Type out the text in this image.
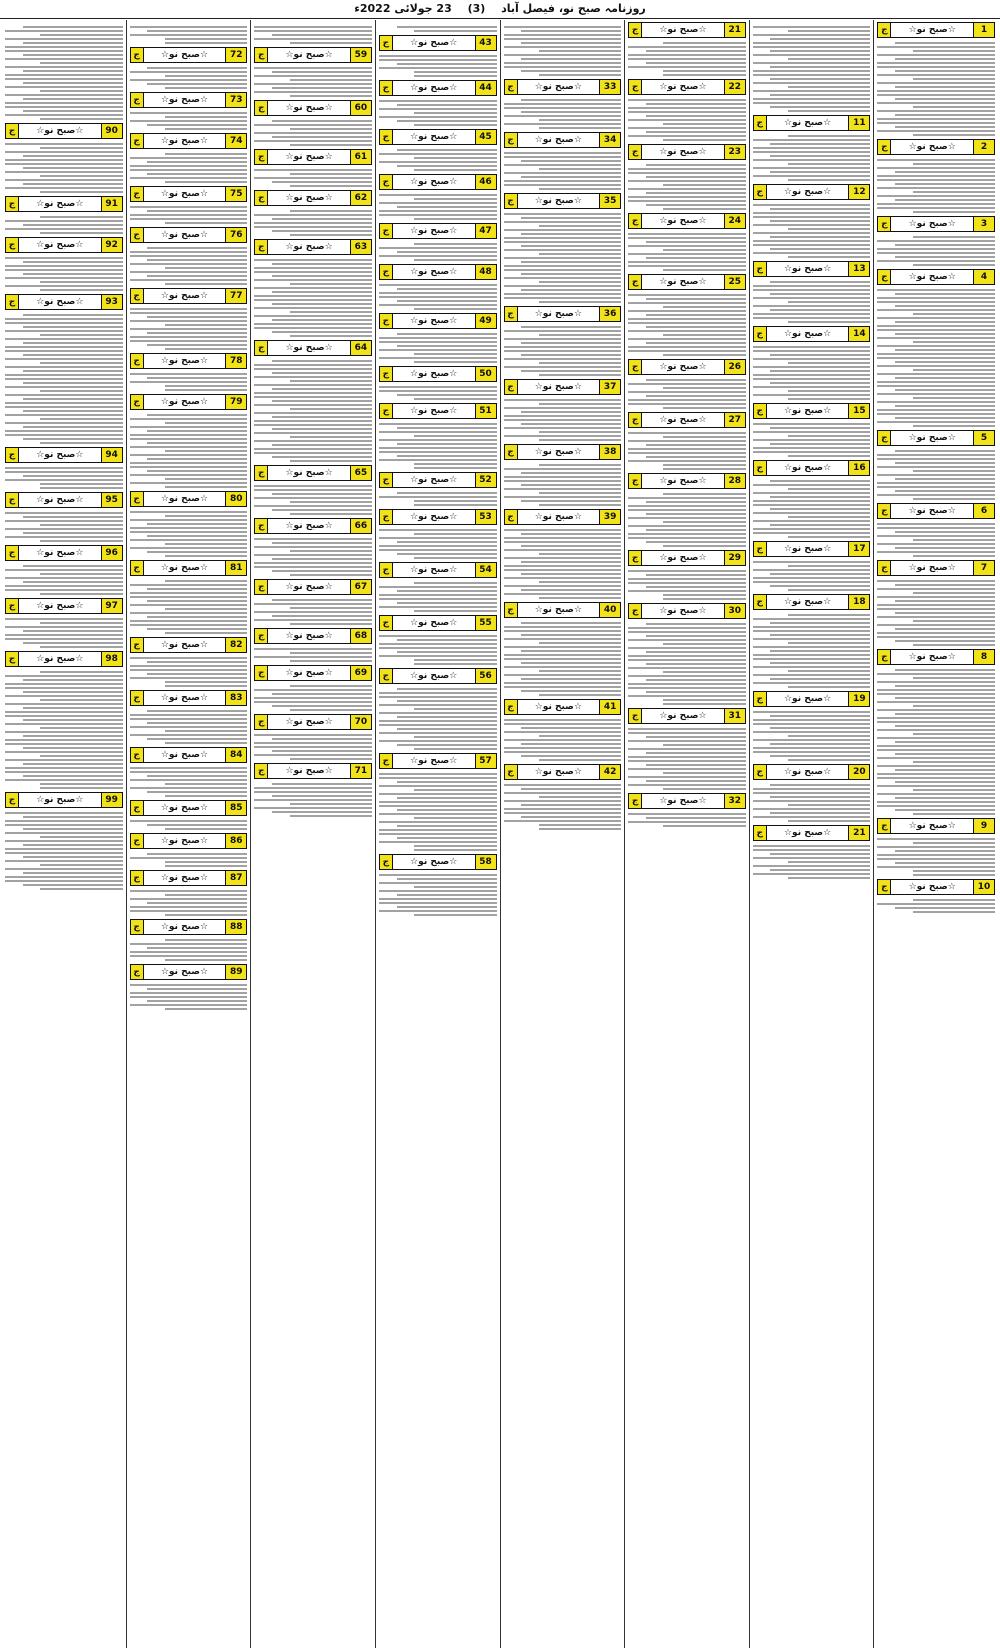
روزنامہ صبح نو، فیصل آباد (3) 23 جولائی 2022ء
1
☆صبح نو☆
ج
2
☆صبح نو☆
ج
3
☆صبح نو☆
ج
4
☆صبح نو☆
ج
5
☆صبح نو☆
ج
6
☆صبح نو☆
ج
7
☆صبح نو☆
ج
8
☆صبح نو☆
ج
9
☆صبح نو☆
ج
10
☆صبح نو☆
ج
11
☆صبح نو☆
ج
12
☆صبح نو☆
ج
13
☆صبح نو☆
ج
14
☆صبح نو☆
ج
15
☆صبح نو☆
ج
16
☆صبح نو☆
ج
17
☆صبح نو☆
ج
18
☆صبح نو☆
ج
19
☆صبح نو☆
ج
20
☆صبح نو☆
ج
21
☆صبح نو☆
ج
21
☆صبح نو☆
ج
22
☆صبح نو☆
ج
23
☆صبح نو☆
ج
24
☆صبح نو☆
ج
25
☆صبح نو☆
ج
26
☆صبح نو☆
ج
27
☆صبح نو☆
ج
28
☆صبح نو☆
ج
29
☆صبح نو☆
ج
30
☆صبح نو☆
ج
31
☆صبح نو☆
ج
32
☆صبح نو☆
ج
33
☆صبح نو☆
ج
34
☆صبح نو☆
ج
35
☆صبح نو☆
ج
36
☆صبح نو☆
ج
37
☆صبح نو☆
ج
38
☆صبح نو☆
ج
39
☆صبح نو☆
ج
40
☆صبح نو☆
ج
41
☆صبح نو☆
ج
42
☆صبح نو☆
ج
43
☆صبح نو☆
ج
44
☆صبح نو☆
ج
45
☆صبح نو☆
ج
46
☆صبح نو☆
ج
47
☆صبح نو☆
ج
48
☆صبح نو☆
ج
49
☆صبح نو☆
ج
50
☆صبح نو☆
ج
51
☆صبح نو☆
ج
52
☆صبح نو☆
ج
53
☆صبح نو☆
ج
54
☆صبح نو☆
ج
55
☆صبح نو☆
ج
56
☆صبح نو☆
ج
57
☆صبح نو☆
ج
58
☆صبح نو☆
ج
59
☆صبح نو☆
ج
60
☆صبح نو☆
ج
61
☆صبح نو☆
ج
62
☆صبح نو☆
ج
63
☆صبح نو☆
ج
64
☆صبح نو☆
ج
65
☆صبح نو☆
ج
66
☆صبح نو☆
ج
67
☆صبح نو☆
ج
68
☆صبح نو☆
ج
69
☆صبح نو☆
ج
70
☆صبح نو☆
ج
71
☆صبح نو☆
ج
72
☆صبح نو☆
ج
73
☆صبح نو☆
ج
74
☆صبح نو☆
ج
75
☆صبح نو☆
ج
76
☆صبح نو☆
ج
77
☆صبح نو☆
ج
78
☆صبح نو☆
ج
79
☆صبح نو☆
ج
80
☆صبح نو☆
ج
81
☆صبح نو☆
ج
82
☆صبح نو☆
ج
83
☆صبح نو☆
ج
84
☆صبح نو☆
ج
85
☆صبح نو☆
ج
86
☆صبح نو☆
ج
87
☆صبح نو☆
ج
88
☆صبح نو☆
ج
89
☆صبح نو☆
ج
90
☆صبح نو☆
ج
91
☆صبح نو☆
ج
92
☆صبح نو☆
ج
93
☆صبح نو☆
ج
94
☆صبح نو☆
ج
95
☆صبح نو☆
ج
96
☆صبح نو☆
ج
97
☆صبح نو☆
ج
98
☆صبح نو☆
ج
99
☆صبح نو☆
ج
